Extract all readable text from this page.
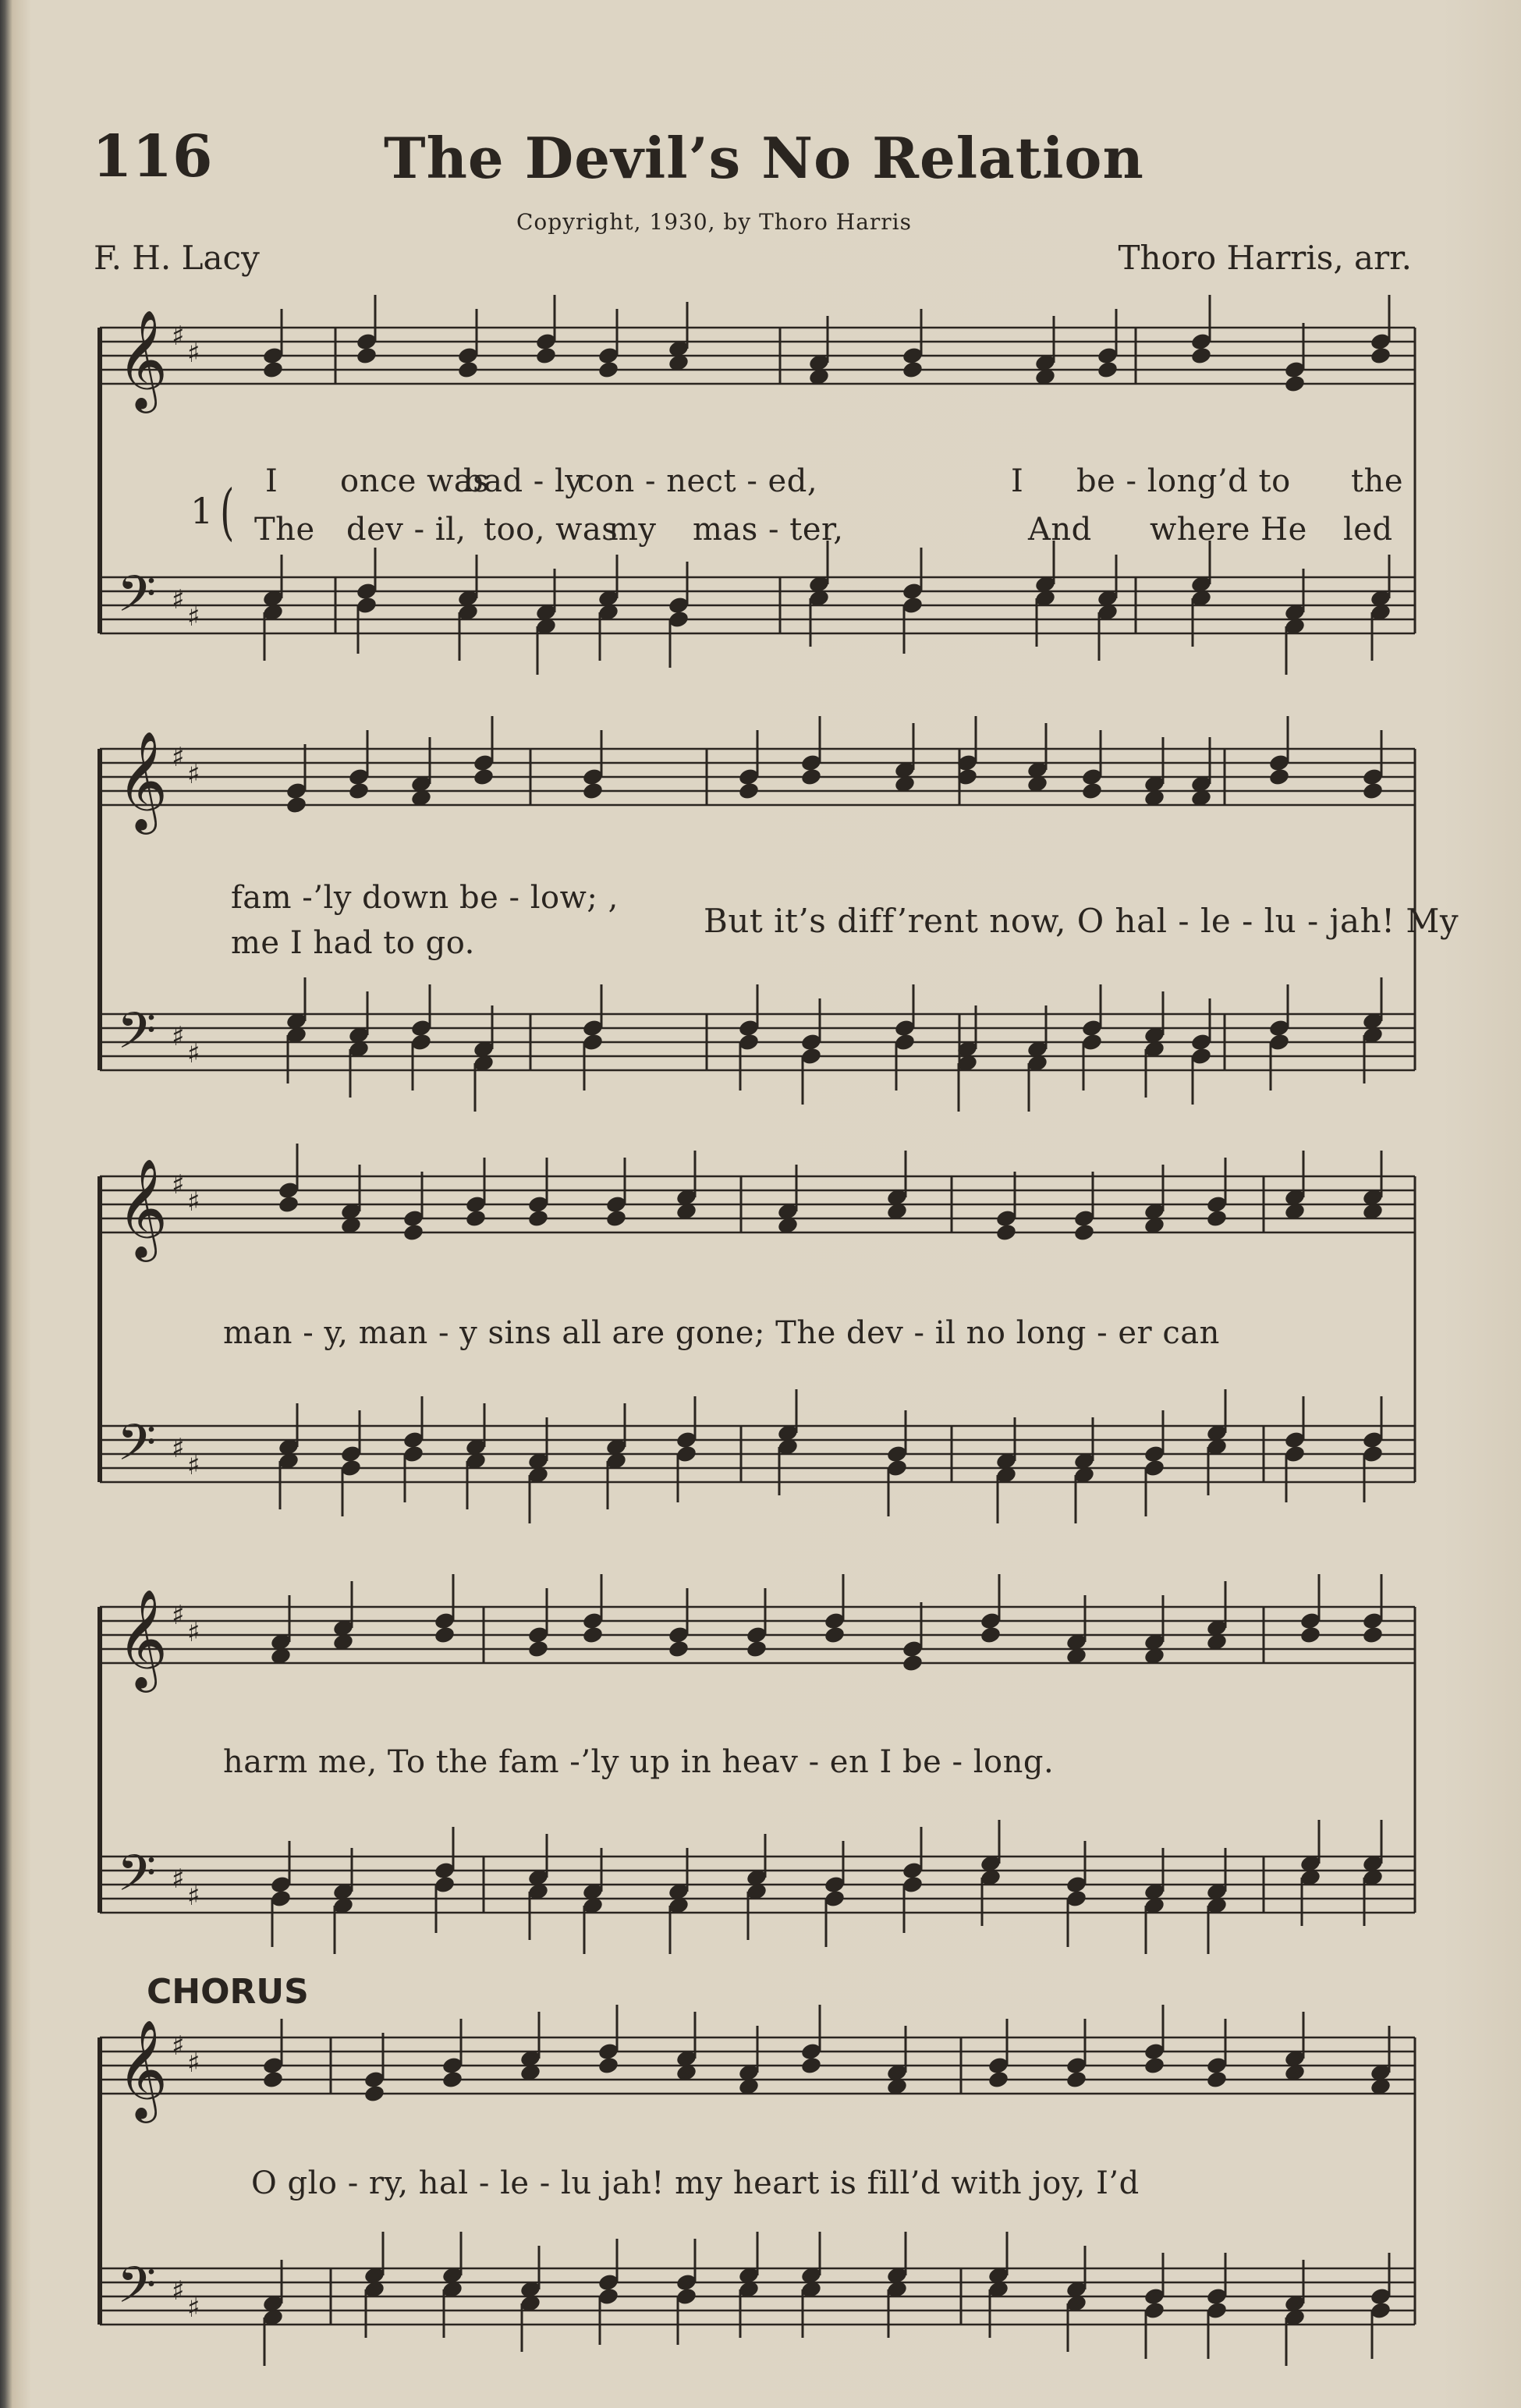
116	The Devil’s No Relation
Copyright, 1930, by Thoro Harris
F. H. Lacy	Thoro Harris, arr.
𝄞 ♯
♯
𝄢 ♯
♯
𝄞 ♯
♯
𝄢 ♯
♯
𝄞 ♯
♯
𝄢 ♯
♯
𝄞 ♯
♯
𝄢 ♯
♯
𝄞 ♯
♯
𝄢 ♯
♯
1 ( I once was
bad - ly
con - nect - ed,	I be - long’d to the
The dev - il, too, was
my mas - ter,	And where He led
fam -’ly down be - low; ,
me I had to go.
But it’s diff’rent now, O hal - le - lu - jah! My
man - y, man - y sins all are gone; The dev - il no long - er can
harm me, To the fam -’ly up in heav - en I be - long.
CHORUS
O glo - ry, hal - le - lu jah! my heart is fill’d with joy, I’d
